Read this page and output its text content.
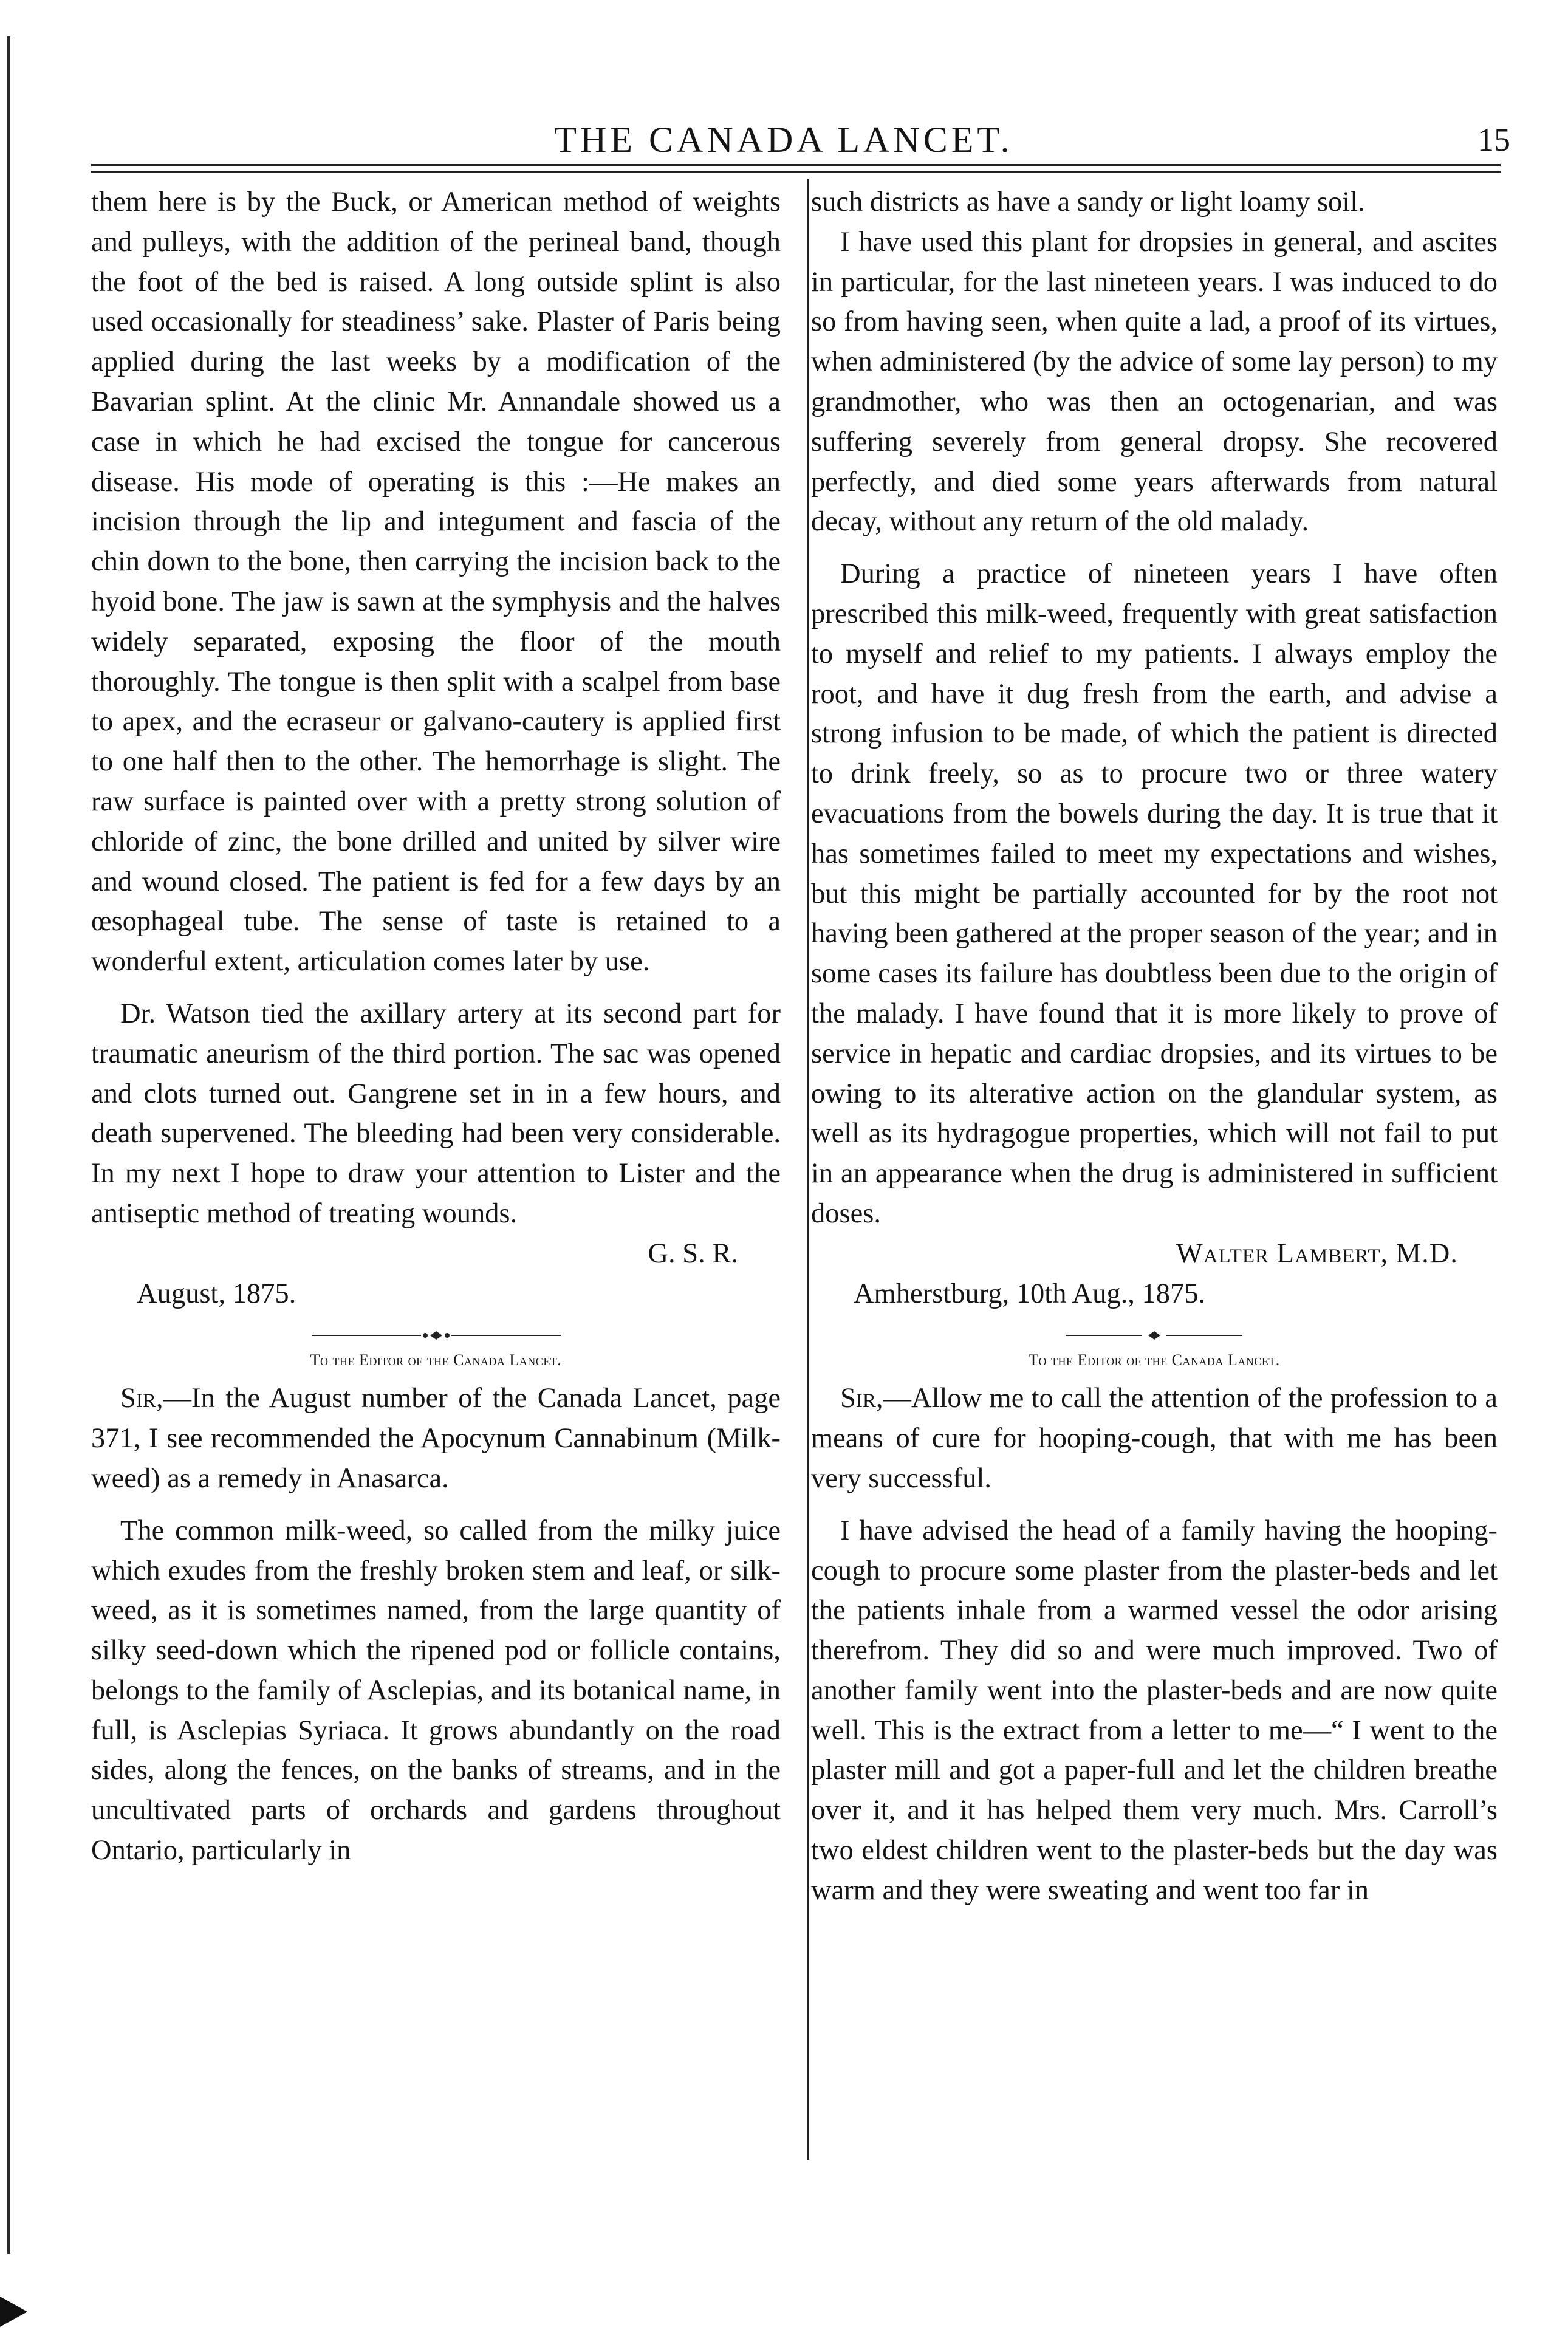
THE CANADA LANCET.	15

them here is by the Buck, or American method of weights and pulleys, with the addition of the perineal band, though the foot of the bed is raised. A long outside splint is also used occasionally for steadiness’ sake. Plaster of Paris being applied during the last weeks by a modification of the Bavarian splint. At the clinic Mr. Annandale showed us a case in which he had excised the tongue for cancerous disease. His mode of operating is this :—He makes an incision through the lip and integument and fascia of the chin down to the bone, then carrying the incision back to the hyoid bone. The jaw is sawn at the symphysis and the halves widely separated, exposing the floor of the mouth thoroughly. The tongue is then split with a scalpel from base to apex, and the ecraseur or galvano-cautery is applied first to one half then to the other. The hemorrhage is slight. The raw surface is painted over with a pretty strong solution of chloride of zinc, the bone drilled and united by silver wire and wound closed. The patient is fed for a few days by an œsophageal tube. The sense of taste is retained to a wonderful extent, articulation comes later by use.

Dr. Watson tied the axillary artery at its second part for traumatic aneurism of the third portion. The sac was opened and clots turned out. Gangrene set in in a few hours, and death supervened. The bleeding had been very considerable. In my next I hope to draw your attention to Lister and the antiseptic method of treating wounds.

G. S. R.

August, 1875.

To the Editor of the Canada Lancet.

Sir,—In the August number of the Canada Lancet, page 371, I see recommended the Apocynum Cannabinum (Milk-weed) as a remedy in Anasarca.

The common milk-weed, so called from the milky juice which exudes from the freshly broken stem and leaf, or silk-weed, as it is sometimes named, from the large quantity of silky seed-down which the ripened pod or follicle contains, belongs to the family of Asclepias, and its botanical name, in full, is Asclepias Syriaca. It grows abundantly on the road sides, along the fences, on the banks of streams, and in the uncultivated parts of orchards and gardens throughout Ontario, particularly in

such districts as have a sandy or light loamy soil.

I have used this plant for dropsies in general, and ascites in particular, for the last nineteen years. I was induced to do so from having seen, when quite a lad, a proof of its virtues, when administered (by the advice of some lay person) to my grandmother, who was then an octogenarian, and was suffering severely from general dropsy. She recovered perfectly, and died some years afterwards from natural decay, without any return of the old malady.

During a practice of nineteen years I have often prescribed this milk-weed, frequently with great satisfaction to myself and relief to my patients. I always employ the root, and have it dug fresh from the earth, and advise a strong infusion to be made, of which the patient is directed to drink freely, so as to procure two or three watery evacuations from the bowels during the day. It is true that it has sometimes failed to meet my expectations and wishes, but this might be partially accounted for by the root not having been gathered at the proper season of the year; and in some cases its failure has doubtless been due to the origin of the malady. I have found that it is more likely to prove of service in hepatic and cardiac dropsies, and its virtues to be owing to its alterative action on the glandular system, as well as its hydragogue properties, which will not fail to put in an appearance when the drug is administered in sufficient doses.

Walter Lambert, M.D.

Amherstburg, 10th Aug., 1875.

To the Editor of the Canada Lancet.

Sir,—Allow me to call the attention of the profession to a means of cure for hooping-cough, that with me has been very successful.

I have advised the head of a family having the hooping-cough to procure some plaster from the plaster-beds and let the patients inhale from a warmed vessel the odor arising therefrom. They did so and were much improved. Two of another family went into the plaster-beds and are now quite well. This is the extract from a letter to me—“ I went to the plaster mill and got a paper-full and let the children breathe over it, and it has helped them very much. Mrs. Carroll’s two eldest children went to the plaster-beds but the day was warm and they were sweating and went too far in
